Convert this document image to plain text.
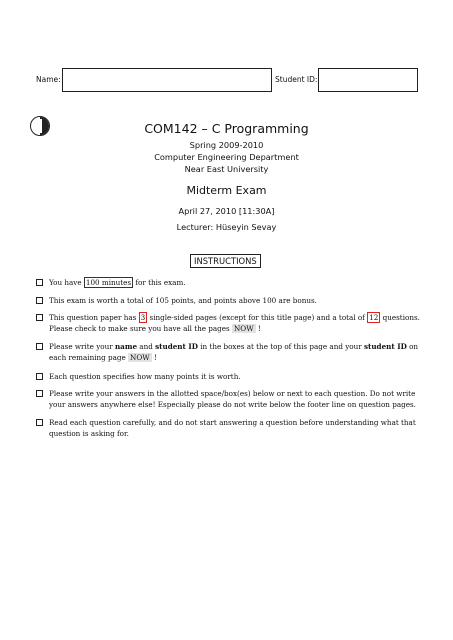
Name:	Student ID:
COM142 – C Programming
Spring 2009-2010
Computer Engineering Department
Near East University
Midterm Exam
April 27, 2010 [11:30A]
Lecturer: Hüseyin Sevay
INSTRUCTIONS
You have 100 minutes for this exam.
This exam is worth a total of 105 points, and points above 100 are bonus.
This question paper has 3 single-sided pages (except for this title page) and a total of 12 questions. Please check to make sure you have all the pages NOW !
Please write your name and student ID in the boxes at the top of this page and your student ID on each remaining page NOW !
Each question specifies how many points it is worth.
Please write your answers in the allotted space/box(es) below or next to each question. Do not write your answers anywhere else! Especially please do not write below the footer line on question pages.
Read each question carefully, and do not start answering a question before understanding what that question is asking for.
